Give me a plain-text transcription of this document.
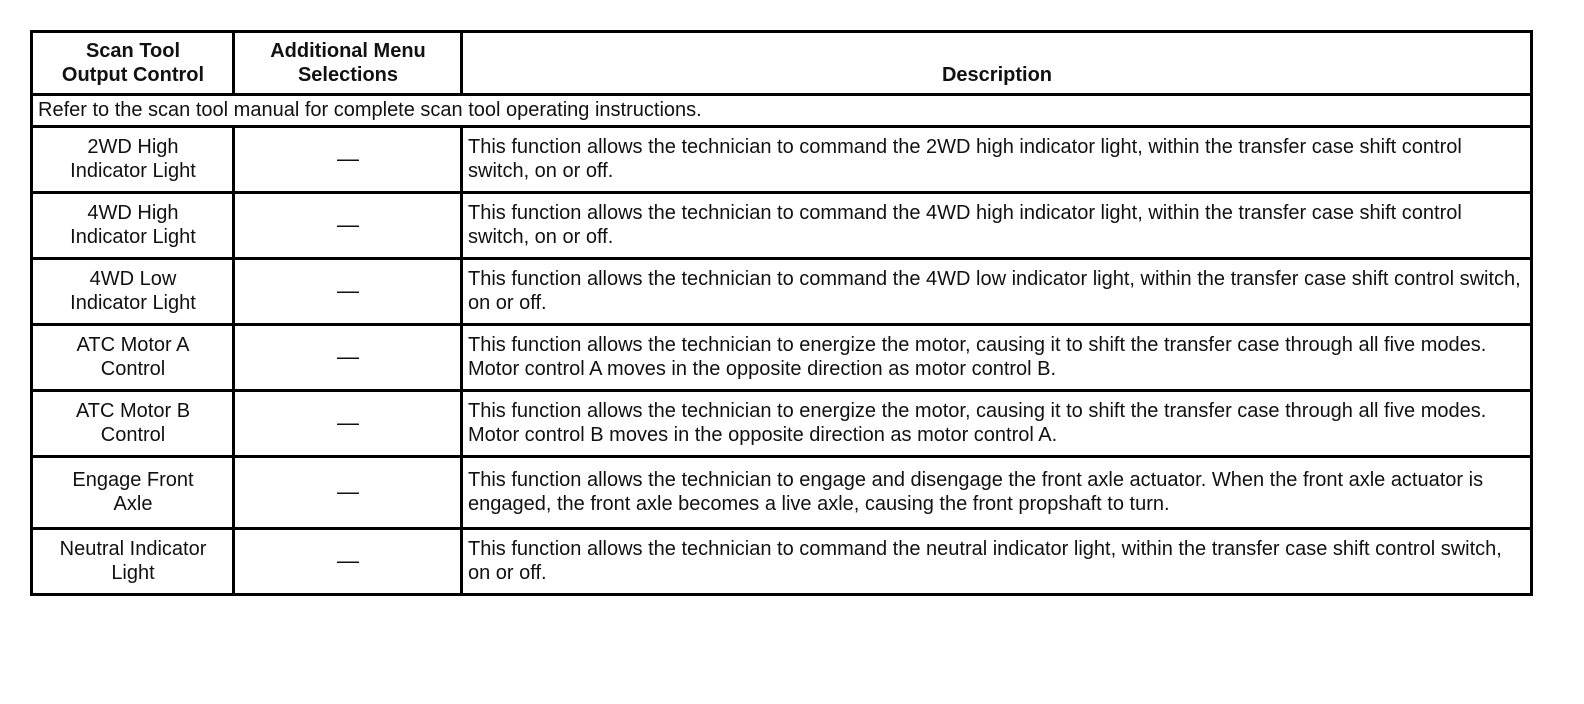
Scan Tool
Output Control	Additional Menu
Selections	Description
Refer to the scan tool manual for complete scan tool operating instructions.		

2WD High
Indicator Light	—	This function allows the technician to command the 2WD high indicator light, within the transfer case shift control switch, on or off.

4WD High
Indicator Light	—	This function allows the technician to command the 4WD high indicator light, within the transfer case shift control switch, on or off.

4WD Low
Indicator Light	—	This function allows the technician to command the 4WD low indicator light, within the transfer case shift control switch, on or off.

ATC Motor A
Control	—	This function allows the technician to energize the motor, causing it to shift the transfer case through all five modes. Motor control A moves in the opposite direction as motor control B.

ATC Motor B
Control	—	This function allows the technician to energize the motor, causing it to shift the transfer case through all five modes. Motor control B moves in the opposite direction as motor control A.

Engage Front
Axle	—	This function allows the technician to engage and disengage the front axle actuator. When the front axle actuator is engaged, the front axle becomes a live axle, causing the front propshaft to turn.

Neutral Indicator
Light	—	This function allows the technician to command the neutral indicator light, within the transfer case shift control switch, on or off.
